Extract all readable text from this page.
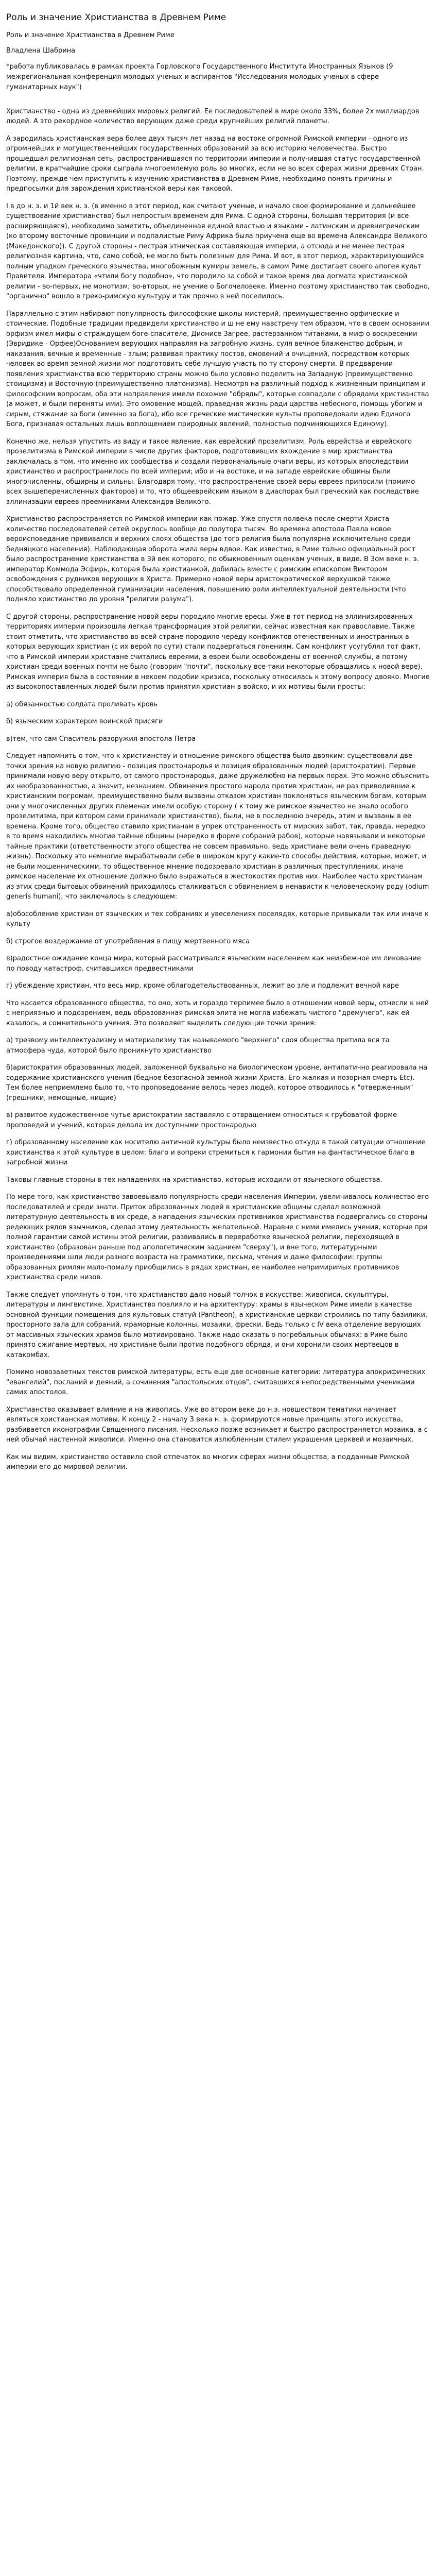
Роль и значение Христианства в Древнем Риме
Роль и значение Христианства в Древнем Риме
Владлена Шабрина
*работа публиковалась в рамках проекта Горловского Государственного Института Иностранных Языков (9 межрегиональная конференция молодых ученых и аспирантов "Исследования молодых ученых в сфере гуманитарных наук")

Христианство - одна из древнейших мировых религий. Ее последователей в мире около 33%, более 2х миллиардов людей. А это рекордное количество верующих даже среди крупнейших религий планеты.

А зародилась христианская вера более двух тысяч лет назад на востоке огромной Римской империи - одного из огромнейших и могущественнейших государственных образований за всю историю человечества. Быстро прошедшая религиозная сеть, распространившаяся по территории империи и получившая статус государственной религии, в кратчайшие сроки сыграла многоемлемую роль во многих, если не во всех сферах жизни древних Стран. Поэтому, прежде чем приступить к изучению христианства в Древнем Риме, необходимо понять причины и предпосылки для зарождения христианской веры как таковой.

I в до н. э. и 1й век н. э. (в именно в этот период, как считают ученые, и начало свое формирование и дальнейшее существование христианство) был непростым временем для Римa. С одной стороны, большая территория (и все расширяющаяся), необходимо заметить, объединенная единой властью и языками - латинским и древнегреческим (ко второму восточные провинции и подпалистые Риму Африка была приучена еще во времена Александра Великого (Македонского)). С другой стороны - пестрая этническая составляющая империи, а отсюда и не менее пестрая религиозная картина, что, само собой, не могло быть полезным для Рима. И вот, в этот период, характеризующийся полным упадком греческого язычества, многобожным кумиры земель, в самом Риме достигает своего апогея культ Правителя. Императора «чтили богу подобно», что породило за собой и такое время два догмата христианской религии - во-первых, не монотизм; во-вторых, не учение о Богочеловеке. Именно поэтому христианство так свободно, "органично" вошло в греко-римскую культуру и так прочно в ней поселилось.

Параллельно с этим набирают популярность философские школы мистерий, преимущественно орфические и стоические. Подобные традиции предвидели христианство и ш не ему навстречу тем образом, что в своем основании орфизм имел мифы о страждущем боге-спасителе, Дионисе Загрее, растерзанном титанами, а миф о воскресении (Эвридике - Орфее)Основанием верующих направляя на загробную жизнь, суля вечное блаженство добрым, и наказания, вечные и временные - злым; развивая практику постов, омовений и очищений, посредством которых человек во время земной жизни мог подготовить себе лучшую участь по ту сторону смерти. В предварении появления христианства всю территорию страны можно было условно поделить на Западную (преимущественно стоицизма) и Восточную (преимущественно платонизма). Несмотря на различный подход к жизненным принципам и философским вопросам, оба эти направления имели похожие "обряды", которые совпадали с обрядами христианства (а может, и были переняты ими). Это омовение мощей, праведная жизнь ради царства небесного, помощь убогим и сирым, стяжание за боги (именно за бога), ибо все греческие мистические культы проповедовали идею Единого Бога, признавая остальных лишь воплощением природных явлений, полностью подчиняющихся Единому).

Конечно же, нельзя упустить из виду и такое явление, как еврейский прозелитизм. Роль еврейства и еврейского прозелитизма в Римской империи в числе других факторов, подготовивших вхождение в мир христианства заключалась в том, что именно их сообщества и создали первоначальные очаги веры, из которых впоследствии христианство и распространилось по всей империи; ибо и на востоке, и на западе еврейские общины были многочисленны, обширны и сильны. Благодаря тому, что распространение своей веры евреев припосили (помимо всех вышеперечисленных факторов) и то, что общееврейским языком в диаспорах был греческий как последствие эллинизации евреев преемниками Александра Великого.

Христианство распространяется по Римской империи как пожар. Уже спустя полвека после смерти Христа количество последователей сетей округлось вообще до полутора тысяч. Во времена апостола Павла новое вероисповедание прививался и верхних слоях общества (до того религия была популярна исключительно среди бедняцкого населения). Наблюдающая оборота жила веры вдвое. Как известно, в Риме только официальный рост было распространение христианства в 3й век которого, по обыкновенным оценкам ученых, в виде. В 3ом веке н. э. император Коммодa Эсфирь, которая была христианкой, добилась вместе с римским епископом Виктором освобождения с рудников верующих в Христа. Примерно новой веры аристократической верхушкой также способствовало определенной гуманизации населения, повышению роли интеллектуальной деятельности (что подняло христианство до уровня "религии разума").

С другой стороны, распространение новой веры породило многие ересы. Уже в тот период на эллинизированных территориях империи произошла легкая трансформация этой религии, сейчас известная как православие. Также стоит отметить, что христианство во всей стране породило череду конфликтов отечественных и иностранных в которых верующих христиан (с их верой по сути) стали подвергаться гонениям. Сам конфликт усугублял тот факт, что в Римской империи христиане считались евреями, а евреи были освобождены от военной службы, а потому христиан среди военных почти не было (говорим "почти", поскольку все-таки некоторые обращались к новой вере). Римская империя была в состоянии в некоем подобии кризиса, поскольку относилась к этому вопросу двояко. Многие из высокопоставленных людей были против принятия христиан в войско, и их мотивы были просты:

а) обязанностью солдата проливать кровь

б) языческим характером воинской присяги

в)тем, что сам Спаситель разоружил апостола Петра

Следует напомнить о том, что к христианству и отношение римского общества было двояким: существовали две точки зрения на новую религию - позиция простонародья и позиция образованных людей (аристократии). Первые принимали новую веру открыто, от самого простонародья, даже дружелюбно на первых порах. Это можно объяснить их необразованностью, а значит, незнанием. Обвинения простого народа против христиан, не раз приводившие к христианским погромам, преимущественно были вызваны отказом христиан поклоняться языческим богам, которым они у многочисленных других племенах имели особую сторону ( к тому же римское язычество не знало особого прозелитизма, при котором сами принимали христианство), были, не в последнюю очередь, этим и вызваны в ее времена. Кроме того, общество ставило христианам в упрек отстраненность от мирских забот, так, правда, нередко в то время находились многие тайные общины (нередко в форме собраний рабов), которые навязывали и некоторые тайные практики (ответственности этого общества не совсем правильно, ведь христиане вели очень праведную жизнь). Поскольку это немногие вырабатывали себе в широком кругу какие-то способы действия, которые, может, и не были мошенническими, то общественное мнение подозревало христиан в различных преступлениях, иначе римское население их отношение должно было выражаться в жестокостях против них. Наиболее часто христианам из этих среди бытовых обвинений приходилось сталкиваться с обвинением в ненависти к человеческому роду (odium generis humani), что заключалось в следующем:

а)обособление христиан от языческих и тех собраниях и увеселениях поселядях, которые привыкали так или иначе к культу

б) строгое воздержание от употребления в пищу жертвенного мяса

в)радостное ожидание конца мира, который рассматривался языческим населением как неизбежное им ликование по поводу катастроф, считавшихся предвестниками

г) убеждение христиан, что весь мир, кроме облагодетельствованных, лежит во зле и подлежит вечной каре

Что касается образованного общества, то оно, хоть и гораздо терпимее было в отношении новой веры, отнесли к ней с неприязнью и подозрением, ведь образованная римская элита не могла избежать чистого "дремучего", как ей казалось, и сомнительного учения. Это позволяет выделить следующие точки зрения:

а) трезвому интеллектуализму и материализму так называемого "верхнего" слоя общества претила вся та атмосфера чуда, которой было проникнуто христианство

б)аристократия образованных людей, заложенной буквально на биологическом уровне, антипатично реагировала на содержание христианского учения (бедное безопасной земной жизни Христа, Его жалкая и позорная смерть Etc). Тем более неприемлемо было то, что проповедование велось через людей, которое отводилось к "отверженным" (грешники, немощные, нищие)

в) развитое художественное чутье аристократии заставляло с отвращением относиться к грубоватой форме проповедей и учений, которая делала их доступными простонародью

г) образованному население как носителю античной культуры было неизвестно откуда в такой ситуации отношение христианства к этой культуре в целом: благо и вопреки стремиться к гармонии бытия на фантастическое благо в загробной жизни

Таковы главные стороны в тех нападениях на христианство, которые исходили от языческого общества.

По мере того, как христианство завоевывало популярность среди населения Империи, увеличивалось количество его последователей и среди знати. Приток образованных людей в христианские общины сделал возможной литературную деятельность в их среде, а нападения языческих противников христианства подвергались со стороны редеющих рядов язычников, сделал этому деятельность желательной. Наравне с ними имелись учения, которые при полной гарантии самой истины этой религии, развивались в переработке языческой религии, переходящей в христианство (образован раньше под апологетическим заданием "сверху"), и вне того, литературными произведениями шли люди разного возраста на грамматики, письма, чтения и даже философии: группы образованных римлян мало-помалу приобщились в рядах христиан, ее наиболее непримиримых противников христианства среди низов.

Также следует упомянуть о том, что христианство дало новый толчок в искусстве: живописи, скульптуры, литературы и лингвистике. Христианство повлияло и на архитектуру: храмы в языческом Риме имели в качестве основной функции помещения для культовых статуй (Pantheon), а христианские церкви строились по типу базилики, просторного зала для собраний, мраморные колонны, мозаики, фрески. Ведь только с IV века отделение верующих от массивных языческих храмов было мотивировано. Также надо сказать о погребальных обычаях: в Риме было принято сжигание мертвых, но христиане были против подобного обряда, и они хоронили своих мертвецов в катакомбах.

Помимо новозаветных текстов римской литературы, есть еще две основные категории: литература апокрифических "евангелий", посланий и деяний, а сочинения "апостольских отцов", считавшихся непосредственными учениками самих апостолов.

Христианство оказывает влияние и на живопись. Уже во втором веке до н.э. новшеством тематики начинает являться христианская мотивы. К концу 2 - началу 3 века н. э. формируются новые принципы этого искусства, разбивается иконографии Священного писания. Несколько позже возникает и быстро распространяется мозаика, а с ней обычай настенной живописи. Именно она становится излюбленным стилем украшения церквей и мозаичных.

Как мы видим, христианство оставило свой отпечаток во многих сферах жизни общества, а подданные Римской империи его до мировой религии.
